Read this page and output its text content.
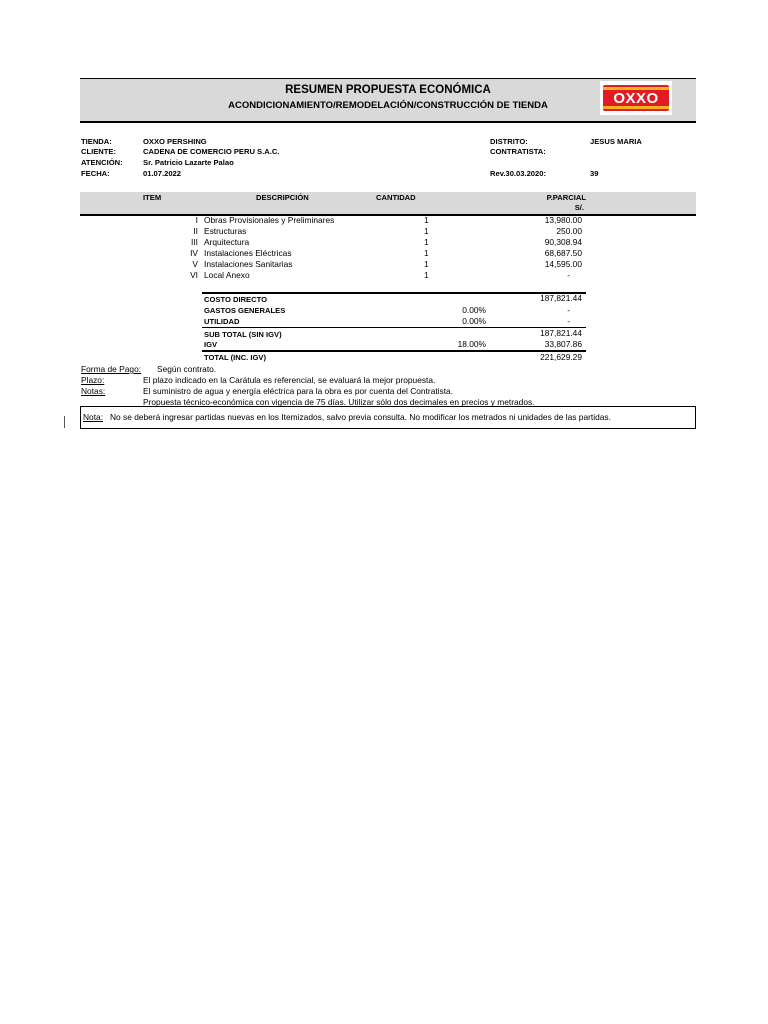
RESUMEN PROPUESTA ECONÓMICA
ACONDICIONAMIENTO/REMODELACIÓN/CONSTRUCCIÓN DE TIENDA	OXXO
TIENDA:	OXXO PERSHING
CLIENTE:	CADENA DE COMERCIO PERU S.A.C.
ATENCIÓN:	Sr. Patricio Lazarte Palao
FECHA:	01.07.2022
DISTRITO:	JESUS MARIA
CONTRATISTA:
Rev.30.03.2020:	39
ITEM	DESCRIPCIÓN	CANTIDAD	P.PARCIAL
S/.
I Obras Provisionales y Preliminares	1	13,980.00
II Estructuras	1	250.00
III Arquitectura	1	90,308.94
IV Instalaciones Eléctricas	1	68,687.50
V Instalaciones Sanitarias	1	14,595.00
VI Local Anexo	1	-
COSTO DIRECTO	187,821.44
GASTOS GENERALES	0.00%	-
UTILIDAD	0.00%	-
SUB TOTAL (SIN IGV)	187,821.44
IGV	18.00%	33,807.86
TOTAL (INC. IGV)	221,629.29
Forma de Pago: Según contrato.
Plazo:	El plazo indicado en la Carátula es referencial, se evaluará la mejor propuesta.
Notas:	El suministro de agua y energía eléctrica para la obra es por cuenta del Contratista.
Propuesta técnico-económica con vigencia de 75 días. Utilizar sólo dos decimales en precios y metrados.
Nota: No se deberá ingresar partidas nuevas en los Itemizados, salvo previa consulta. No modificar los metrados ni unidades de las partidas.
